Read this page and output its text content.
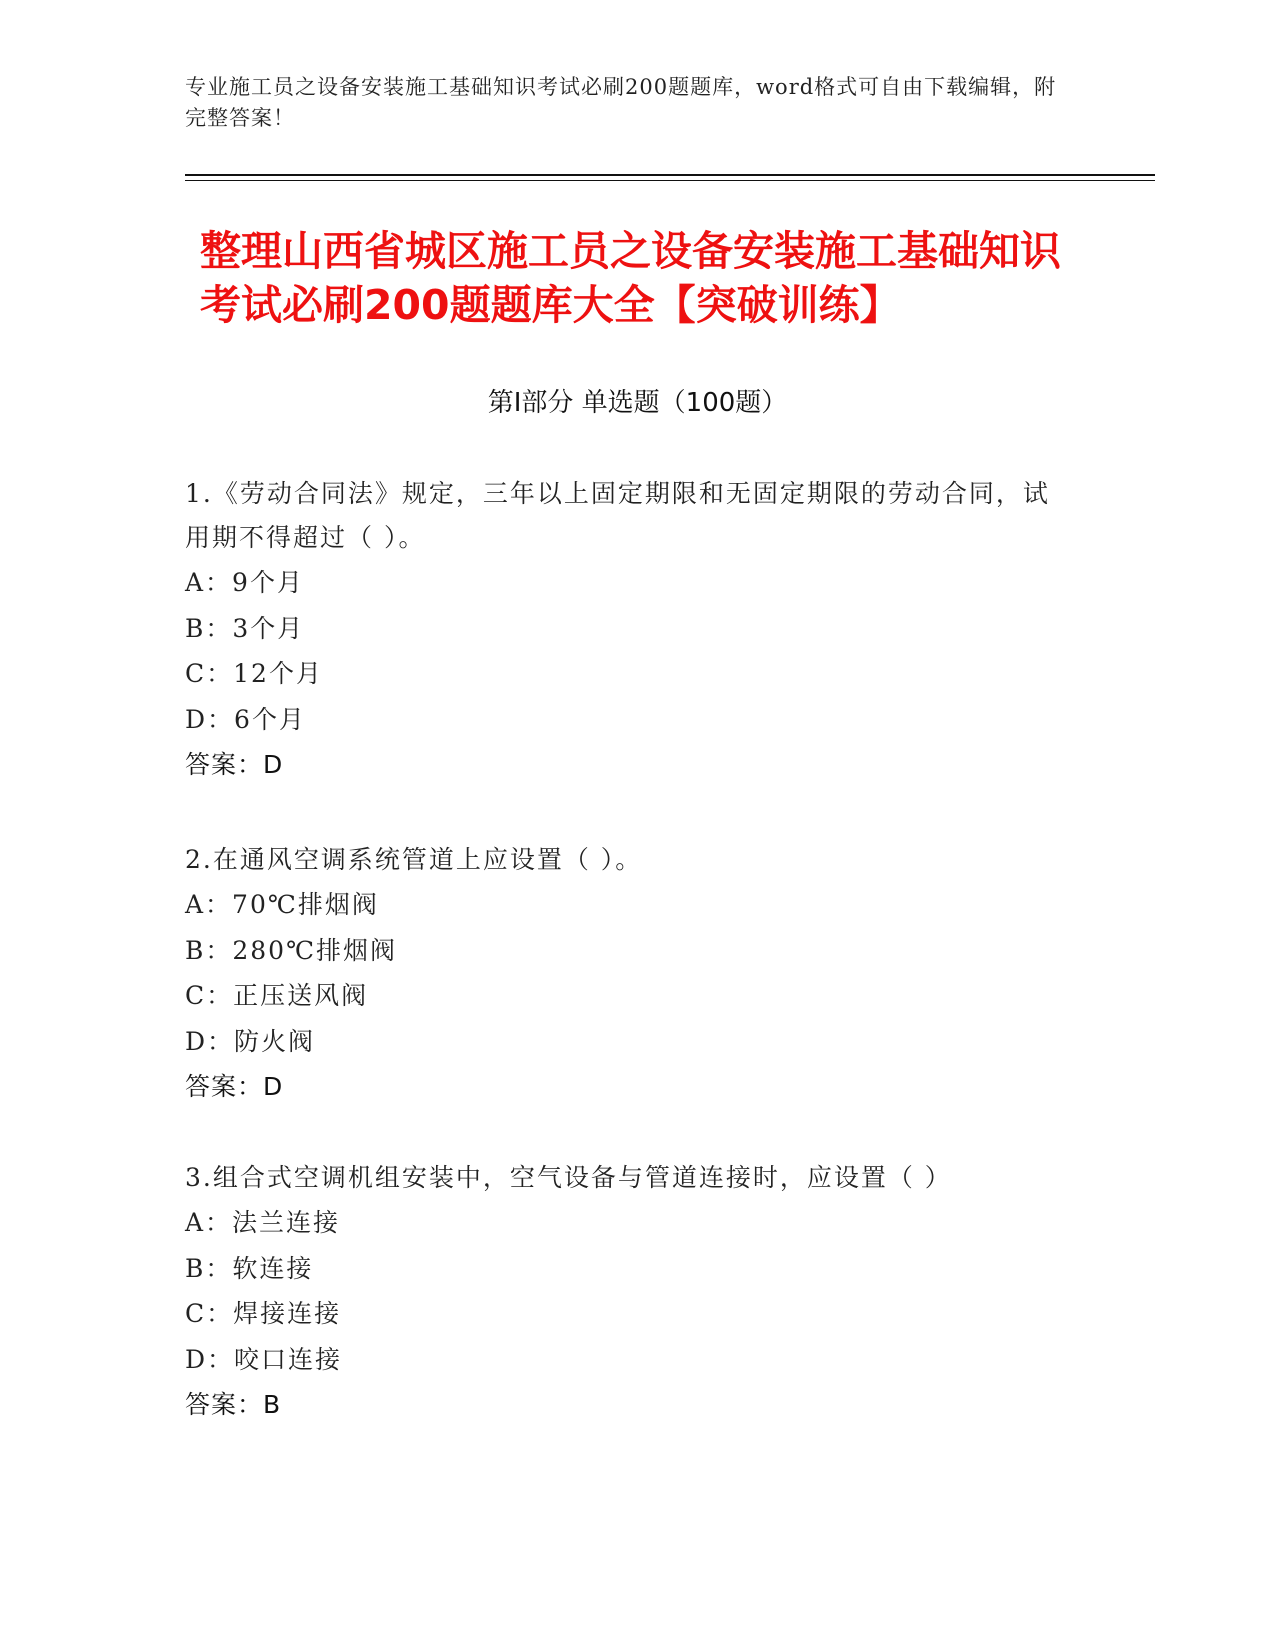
专业施工员之设备安装施工基础知识考试必刷200题题库，word格式可自由下载编辑，附完整答案！
整理山西省城区施工员之设备安装施工基础知识考试必刷200题题库大全【突破训练】
第Ⅰ部分 单选题（100题）
1.《劳动合同法》规定，三年以上固定期限和无固定期限的劳动合同，试用期不得超过（ ）。
A：9个月
B：3个月
C：12个月
D：6个月
答案：D
2.在通风空调系统管道上应设置（ ）。
A：70℃排烟阀
B：280℃排烟阀
C：正压送风阀
D：防火阀
答案：D
3.组合式空调机组安装中，空气设备与管道连接时，应设置（ ）
A：法兰连接
B：软连接
C：焊接连接
D：咬口连接
答案：B
